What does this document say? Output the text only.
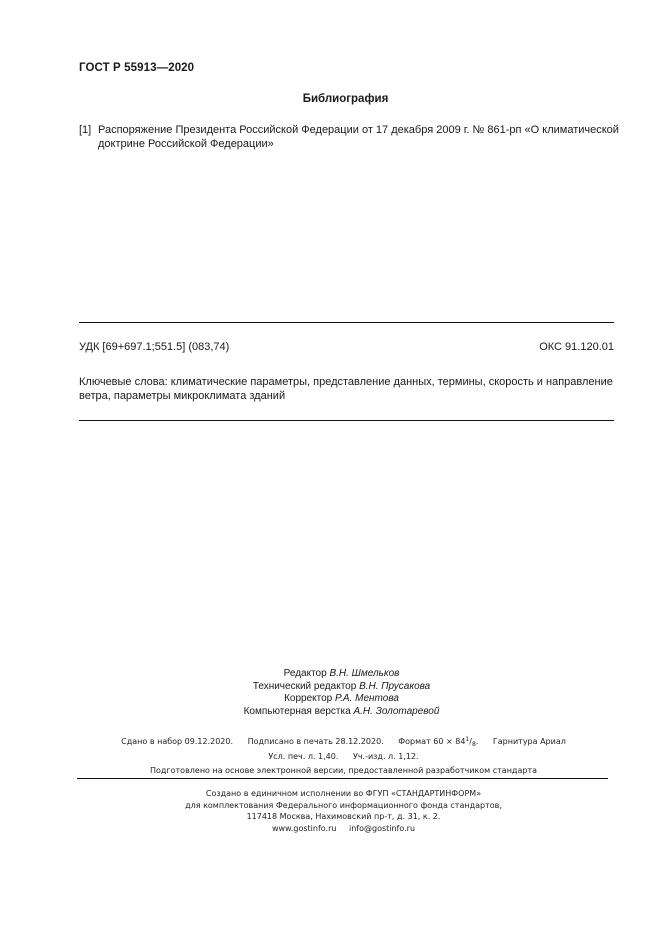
ГОСТ Р 55913—2020
Библиография
[1] Распоряжение Президента Российской Федерации от 17 декабря 2009 г. № 861-рп «О климатической доктрине Российской Федерации»
УДК [69+697.1;551.5] (083,74)	ОКС 91.120.01
Ключевые слова: климатические параметры, представление данных, термины, скорость и направление ветра, параметры микроклимата зданий
Редактор В.Н. Шмельков
Технический редактор В.Н. Прусакова
Корректор Р.А. Ментова
Компьютерная верстка А.Н. Золотаревой
Сдано в набор 09.12.2020. Подписано в печать 28.12.2020. Формат $60 \times 84^1/_8$. Гарнитура Ариал
Усл. печ. л. 1,40. Уч.-изд. л. 1,12.
Подготовлено на основе электронной версии, предоставленной разработчиком стандарта
Создано в единичном исполнении во ФГУП «СТАНДАРТИНФОРМ»
для комплектования Федерального информационного фонда стандартов,
117418 Москва, Нахимовский пр-т, д. 31, к. 2.
www.gostinfo.ru info@gostinfo.ru
